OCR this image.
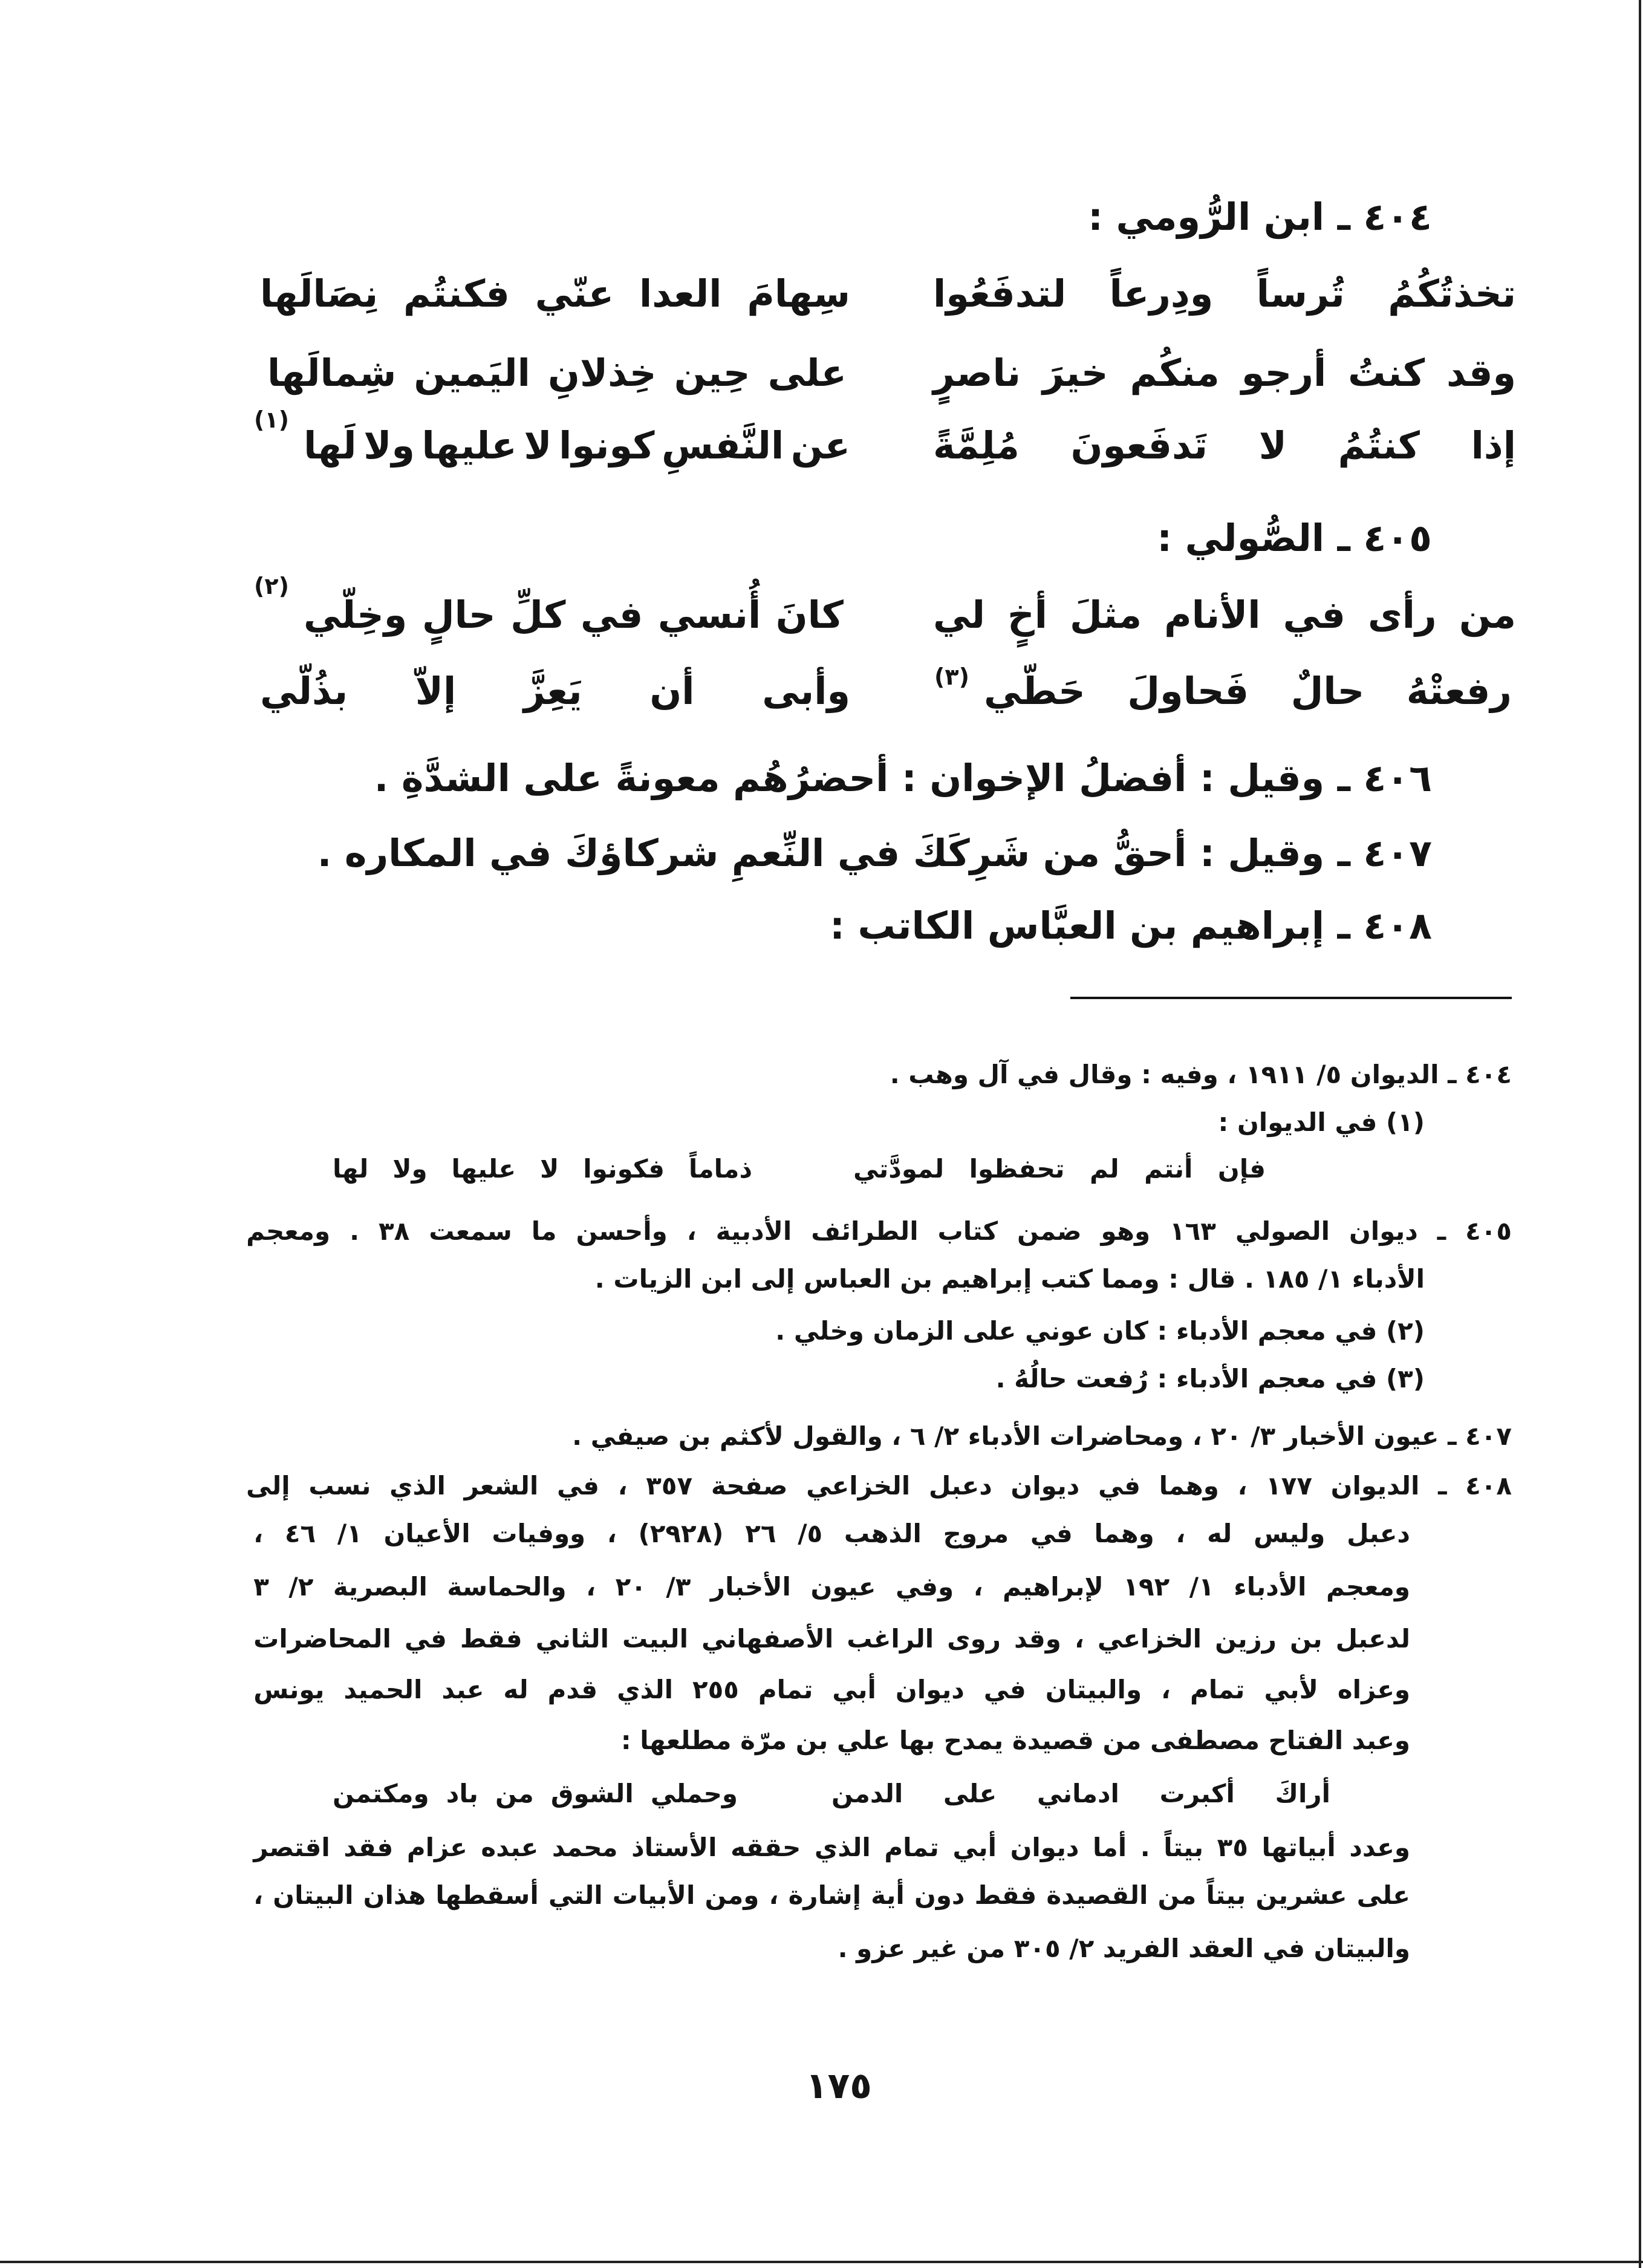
٤٠٤ ـ ابن الرُّومي :
تخذتُكُمُ
تُرساً
ودِرعاً
لتدفَعُوا
سِهامَ
العدا
عنّي
فكنتُم
نِصَالَها
وقد
كنتُ
أرجو
منكُم
خيرَ
ناصرٍ
على
حِين
خِذلانِ
اليَمين
شِمالَها
إذا
كنتُمُ
لا
تَدفَعونَ
مُلِمَّةً
عن
النَّفسِ
كونوا
لا
عليها
ولا
لَها
(١)
٤٠٥ ـ الصُّولي :
من
رأى
في
الأنام
مثلَ
أخٍ
لي
كانَ
أُنسي
في
كلِّ
حالٍ
وخِلّي
(٢)
رفعتْهُ
حالٌ
فَحاولَ
حَطّي
(٣)
وأبى
أن
يَعِزَّ
إلاّ
بذُلّي
٤٠٦ ـ وقيل : أفضلُ الإخوان : أحضرُهُم معونةً على الشدَّةِ .
٤٠٧ ـ وقيل : أحقُّ من شَرِكَكَ في النِّعمِ شركاؤكَ في المكاره .
٤٠٨ ـ إبراهيم بن العبَّاس الكاتب :
٤٠٤ ـ الديوان ٥/ ١٩١١ ، وفيه : وقال في آل وهب .
(١) في الديوان :
فإن
أنتم
لم
تحفظوا
لمودَّتي
ذماماً
فكونوا
لا
عليها
ولا
لها
٤٠٥
ـ
ديوان
الصولي
١٦٣
وهو
ضمن
كتاب
الطرائف
الأدبية
،
وأحسن
ما
سمعت
٣٨
.
ومعجم
الأدباء ١/ ١٨٥ . قال : ومما كتب إبراهيم بن العباس إلى ابن الزيات .
(٢) في معجم الأدباء : كان عوني على الزمان وخلي .
(٣) في معجم الأدباء : رُفعت حالُهُ .
٤٠٧ ـ عيون الأخبار ٣/ ٢٠ ، ومحاضرات الأدباء ٢/ ٦ ، والقول لأكثم بن صيفي .
٤٠٨
ـ
الديوان
١٧٧
،
وهما
في
ديوان
دعبل
الخزاعي
صفحة
٣٥٧
،
في
الشعر
الذي
نسب
إلى
دعبل
وليس
له
،
وهما
في
مروج
الذهب
٥/
٢٦
(٢٩٢٨)
،
ووفيات
الأعيان
١/
٤٦
،
ومعجم
الأدباء
١/
١٩٢
لإبراهيم
،
وفي
عيون
الأخبار
٣/
٢٠
،
والحماسة
البصرية
٢/
٣
لدعبل
بن
رزين
الخزاعي
،
وقد
روى
الراغب
الأصفهاني
البيت
الثاني
فقط
في
المحاضرات
وعزاه
لأبي
تمام
،
والبيتان
في
ديوان
أبي
تمام
٢٥٥
الذي
قدم
له
عبد
الحميد
يونس
وعبد الفتاح مصطفى من قصيدة يمدح بها علي بن مرّة مطلعها :
أراكَ
أكبرت
ادماني
على
الدمن
وحملي
الشوق
من
باد
ومكتمن
وعدد
أبياتها
٣٥
بيتاً
.
أما
ديوان
أبي
تمام
الذي
حققه
الأستاذ
محمد
عبده
عزام
فقد
اقتصر
على
عشرين
بيتاً
من
القصيدة
فقط
دون
أية
إشارة
،
ومن
الأبيات
التي
أسقطها
هذان
البيتان
،
والبيتان في العقد الفريد ٢/ ٣٠٥ من غير عزو .
١٧٥
